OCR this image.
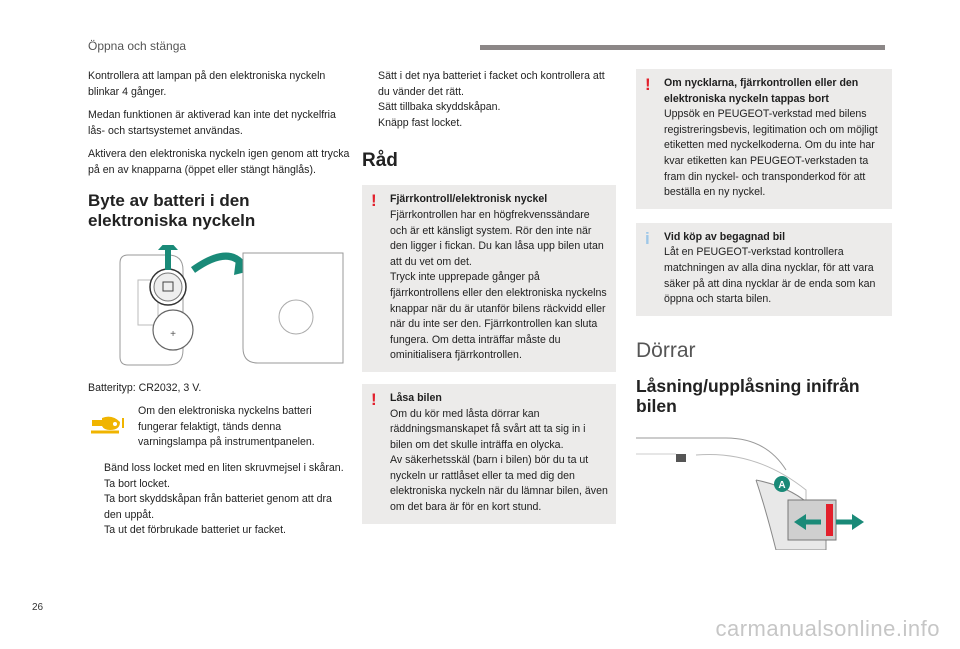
Öppna och stänga

Kontrollera att lampan på den elektroniska nyckeln blinkar 4 gånger.

Medan funktionen är aktiverad kan inte det nyckelfria lås- och startsystemet användas.

Aktivera den elektroniska nyckeln igen genom att trycka på en av knapparna (öppet eller stängt hänglås).

Byte av batteri i den elektroniska nyckeln
+

Batterityp: CR2032, 3 V.

Om den elektroniska nyckelns batteri fungerar felaktigt, tänds denna varningslampa på instrumentpanelen.
Bänd loss locket med en liten skruvmejsel i skåran.
Ta bort locket.
Ta bort skyddskåpan från batteriet genom att dra den uppåt.
Ta ut det förbrukade batteriet ur facket.
Sätt i det nya batteriet i facket och kontrollera att du vänder det rätt.
Sätt tillbaka skyddskåpan.
Knäpp fast locket.
Råd
! Fjärrkontroll/elektronisk nyckel
Fjärrkontrollen har en högfrekvenssändare och är ett känsligt system. Rör den inte när den ligger i fickan. Du kan låsa upp bilen utan att du vet om det.
Tryck inte upprepade gånger på fjärrkontrollens eller den elektroniska nyckelns knappar när du är utanför bilens räckvidd eller när du inte ser den. Fjärrkontrollen kan sluta fungera. Om detta inträffar måste du ominitialisera fjärrkontrollen.
! Låsa bilen
Om du kör med låsta dörrar kan räddningsmanskapet få svårt att ta sig in i bilen om det skulle inträffa en olycka.
Av säkerhetsskäl (barn i bilen) bör du ta ut nyckeln ur rattlåset eller ta med dig den elektroniska nyckeln när du lämnar bilen, även om det bara är för en kort stund.
! Om nycklarna, fjärrkontrollen eller den elektroniska nyckeln tappas bort
Uppsök en PEUGEOT-verkstad med bilens registreringsbevis, legitimation och om möjligt etiketten med nyckelkoderna. Om du inte har kvar etiketten kan PEUGEOT-verkstaden ta fram din nyckel- och transponderkod för att beställa en ny nyckel.
i Vid köp av begagnad bil
Låt en PEUGEOT-verkstad kontrollera matchningen av alla dina nycklar, för att vara säker på att dina nycklar är de enda som kan öppna och starta bilen.
Dörrar
Låsning/upplåsning inifrån bilen
A
26
carmanualsonline.info
